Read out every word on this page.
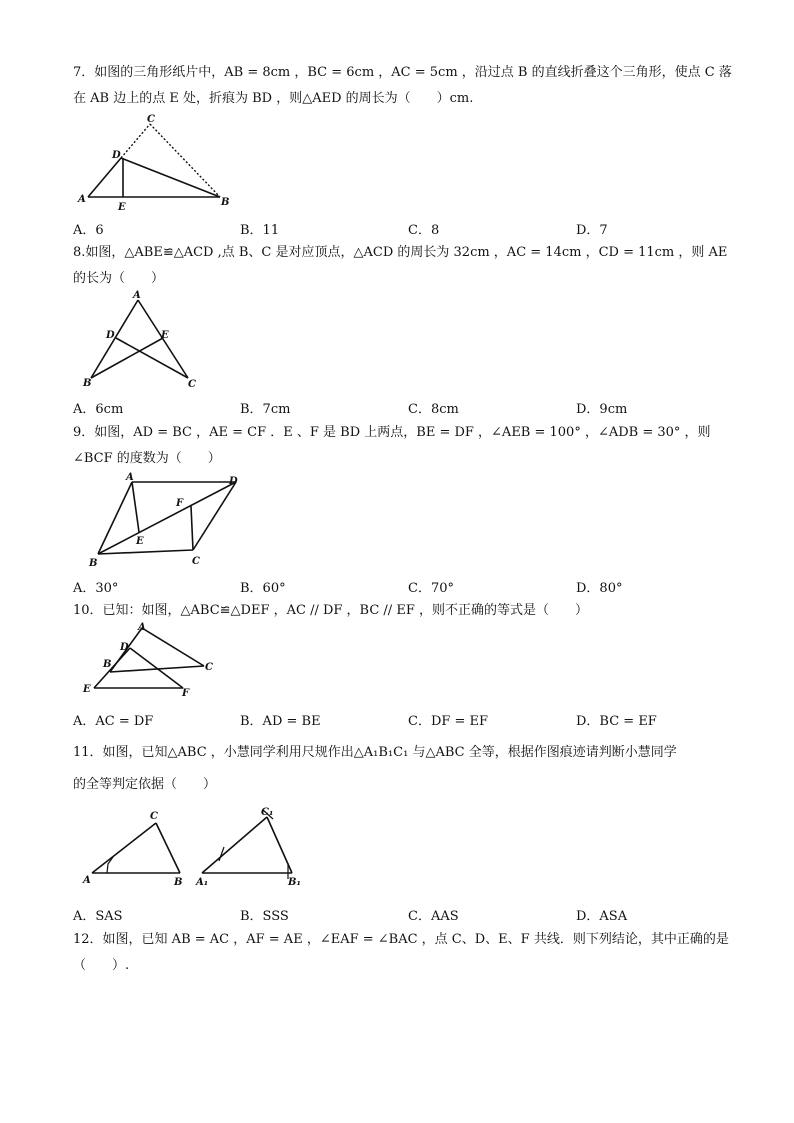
7．如图的三角形纸片中，AB = 8cm ，BC = 6cm ，AC = 5cm ，沿过点 B 的直线折叠这个三角形，使点 C 落在 AB 边上的点 E 处，折痕为 BD ，则△AED 的周长为（　　）cm.
C
D
A
E	B
A．6	B．11	C．8	D．7
8.如图，△ABE≌△ACD ,点 B、C 是对应顶点，△ACD 的周长为 32cm ，AC = 14cm ，CD = 11cm ，则 AE 的长为（　　）
A
D	E
B	C
A．6cm	B．7cm	C．8cm	D．9cm
9．如图，AD = BC ，AE = CF ．E 、F 是 BD 上两点，BE = DF ，∠AEB = 100° ，∠ADB = 30° ，则∠BCF 的度数为（　　）
A	D
F
E
B	C
A．30°	B．60°	C．70°	D．80°
10．已知：如图，△ABC≌△DEF ，AC // DF ，BC // EF ，则不正确的等式是（　　）
A
D
B	C
E	F
A．AC = DF	B．AD = BE	C．DF = EF	D．BC = EF
11．如图，已知△ABC ，小慧同学利用尺规作出△A₁B₁C₁ 与△ABC 全等，根据作图痕迹请判断小慧同学
的全等判定依据（　　）
C
A	B
C₁
A₁	B₁
A．SAS	B．SSS	C．AAS	D．ASA
12．如图，已知 AB = AC ，AF = AE ，∠EAF = ∠BAC ，点 C、D、E、F 共线．则下列结论，其中正确的是（　　）.
